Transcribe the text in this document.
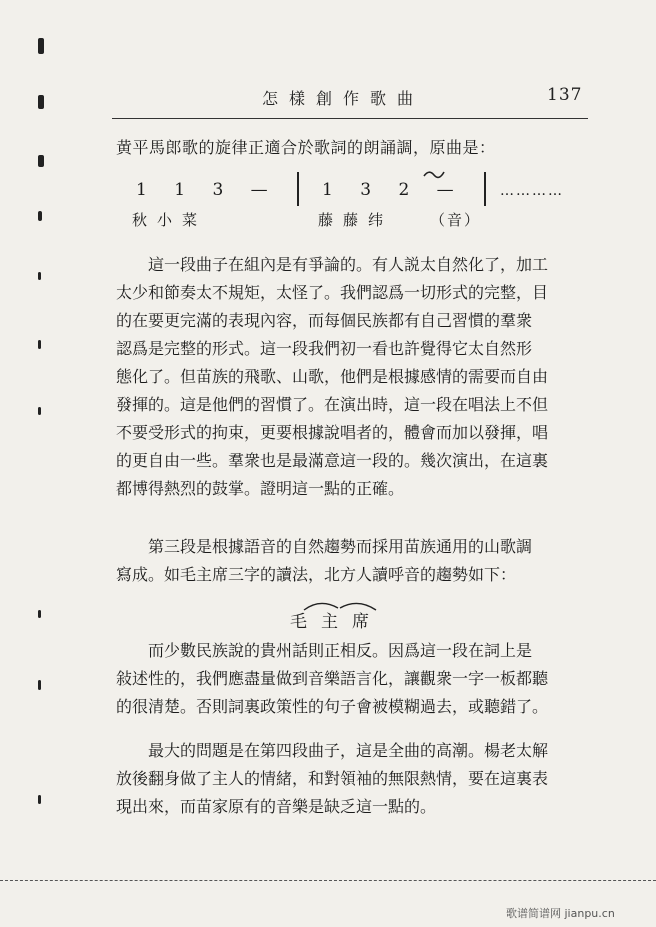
怎樣創作歌曲	137
黄平馬郎歌的旋律正適合於歌詞的朗誦調，原曲是：
1 1 3 —	1 3 2 —	…………
秋小菜	藤藤纬 （音）

這一段曲子在組內是有爭論的。有人説太自然化了，加工
太少和節奏太不規矩，太怪了。我們認爲一切形式的完整，目
的在要更完滿的表現內容，而每個民族都有自己習慣的羣衆
認爲是完整的形式。這一段我們初一看也許覺得它太自然形
態化了。但苗族的飛歌、山歌，他們是根據感情的需要而自由
發揮的。這是他們的習慣了。在演出時，這一段在唱法上不但
不要受形式的拘束，更要根據說唱者的，體會而加以發揮，唱
的更自由一些。羣衆也是最滿意這一段的。幾次演出，在這裏
都博得熱烈的鼓掌。證明這一點的正確。

第三段是根據語音的自然趨勢而採用苗族通用的山歌調
寫成。如毛主席三字的讀法，北方人讀呼音的趨勢如下：

毛主席

而少數民族說的貴州話則正相反。因爲這一段在詞上是
敍述性的，我們應盡量做到音樂語言化，讓觀衆一字一板都聽
的很清楚。否則詞裏政策性的句子會被模糊過去，或聽錯了。

最大的問題是在第四段曲子，這是全曲的高潮。楊老太解
放後翻身做了主人的情緒，和對領袖的無限熱情，要在這裏表
現出來，而苗家原有的音樂是缺乏這一點的。

歌谱简谱网 jianpu.cn
